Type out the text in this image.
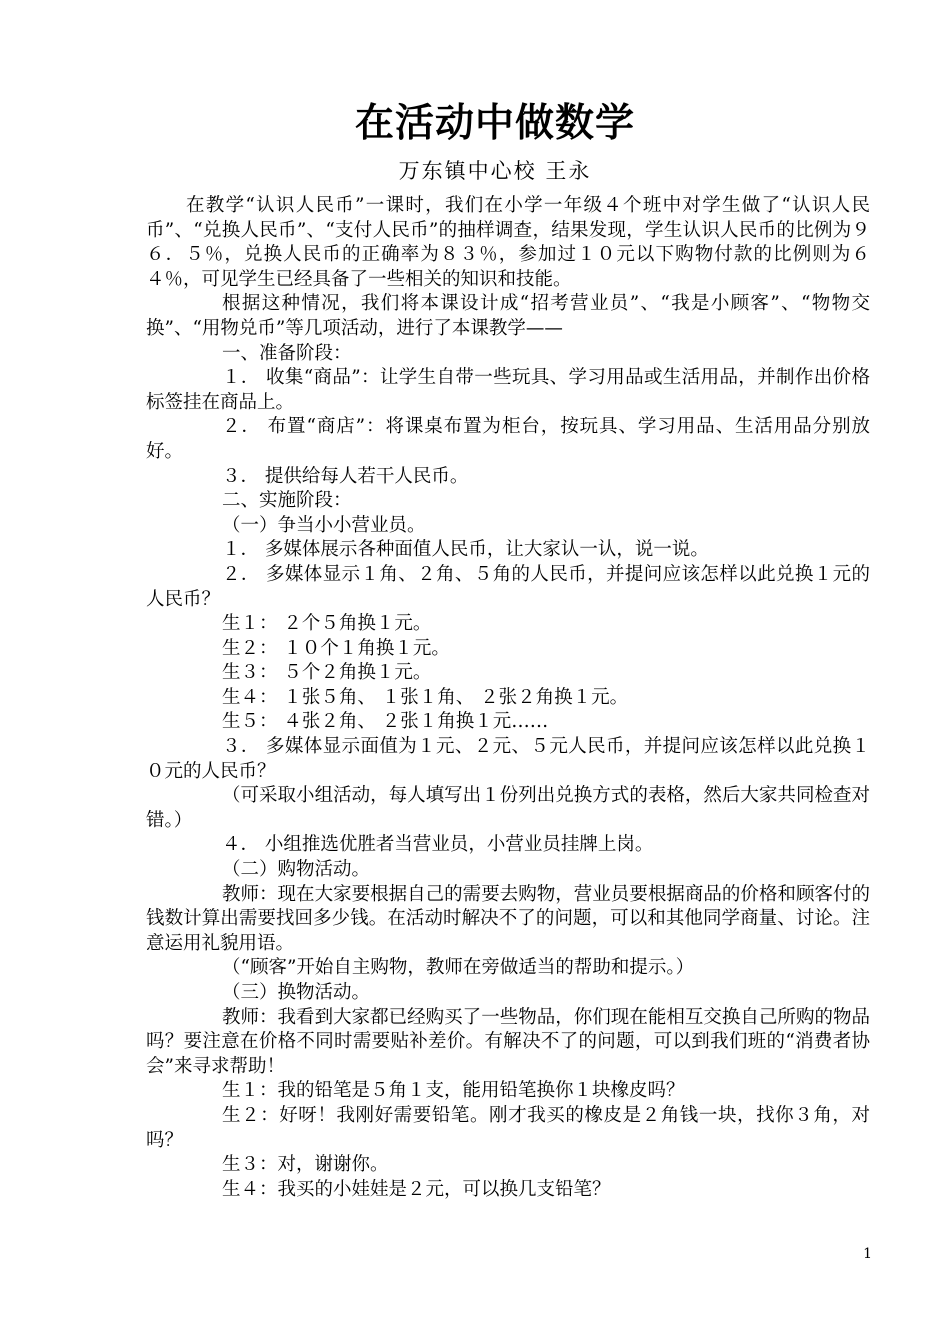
在活动中做数学
万东镇中心校 王永

在教学“认识人民币”一课时，我们在小学一年级４个班中对学生做了“认识人民币”、“兑换人民币”、“支付人民币”的抽样调查，结果发现，学生认识人民币的比例为９６．５％，兑换人民币的正确率为８３％，参加过１０元以下购物付款的比例则为６４％，可见学生已经具备了一些相关的知识和技能。

根据这种情况，我们将本课设计成“招考营业员”、“我是小顾客”、“物物交换”、“用物兑币”等几项活动，进行了本课教学——

一、准备阶段：

１． 收集“商品”：让学生自带一些玩具、学习用品或生活用品，并制作出价格标签挂在商品上。

２． 布置“商店”：将课桌布置为柜台，按玩具、学习用品、生活用品分别放好。

３． 提供给每人若干人民币。

二、实施阶段：

（一）争当小小营业员。

１． 多媒体展示各种面值人民币，让大家认一认，说一说。

２． 多媒体显示１角、２角、５角的人民币，并提问应该怎样以此兑换１元的人民币？

生１： ２个５角换１元。

生２： １０个１角换１元。

生３： ５个２角换１元。

生４： １张５角、 １张１角、 ２张２角换１元。

生５： ４张２角、 ２张１角换１元……

３． 多媒体显示面值为１元、２元、５元人民币，并提问应该怎样以此兑换１０元的人民币？

（可采取小组活动，每人填写出１份列出兑换方式的表格，然后大家共同检查对错。）

４． 小组推选优胜者当营业员，小营业员挂牌上岗。

（二）购物活动。

教师：现在大家要根据自己的需要去购物，营业员要根据商品的价格和顾客付的钱数计算出需要找回多少钱。在活动时解决不了的问题，可以和其他同学商量、讨论。注意运用礼貌用语。

（“顾客”开始自主购物，教师在旁做适当的帮助和提示。）

（三）换物活动。

教师：我看到大家都已经购买了一些物品，你们现在能相互交换自己所购的物品吗？要注意在价格不同时需要贴补差价。有解决不了的问题，可以到我们班的“消费者协会”来寻求帮助！

生１：我的铅笔是５角１支，能用铅笔换你１块橡皮吗？

生２：好呀！我刚好需要铅笔。刚才我买的橡皮是２角钱一块，找你３角，对吗？

生３：对，谢谢你。

生４：我买的小娃娃是２元，可以换几支铅笔？

1
